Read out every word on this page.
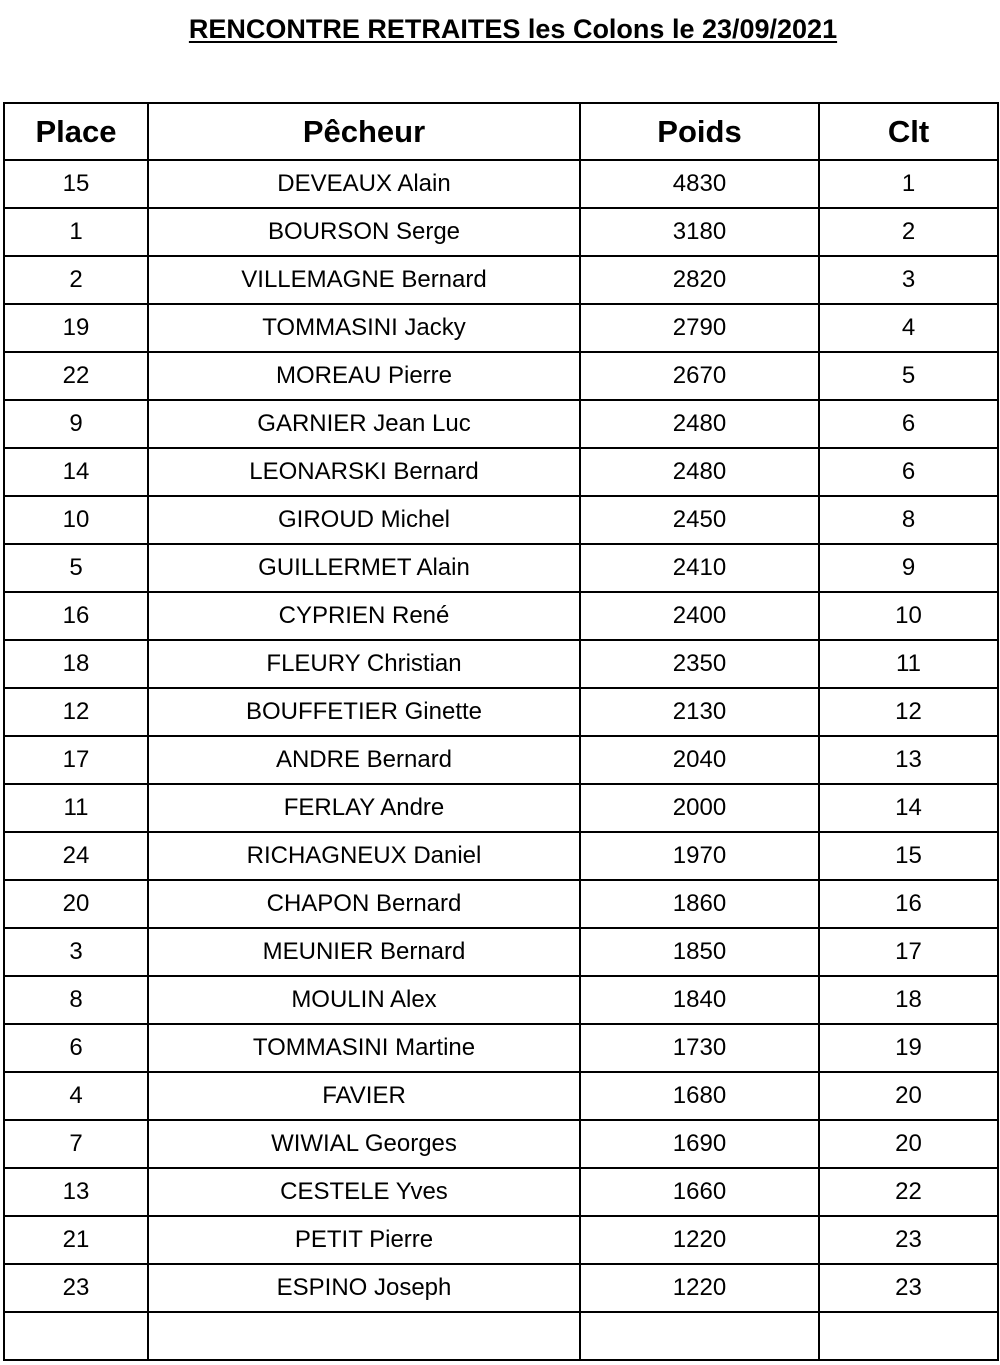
RENCONTRE RETRAITES les Colons le 23/09/2021
Place	Pêcheur	Poids	Clt
15	DEVEAUX Alain	4830	1
1	BOURSON Serge	3180	2
2	VILLEMAGNE Bernard	2820	3
19	TOMMASINI Jacky	2790	4
22	MOREAU Pierre	2670	5
9	GARNIER Jean Luc	2480	6
14	LEONARSKI Bernard	2480	6
10	GIROUD Michel	2450	8
5	GUILLERMET Alain	2410	9
16	CYPRIEN René	2400	10
18	FLEURY Christian	2350	11
12	BOUFFETIER Ginette	2130	12
17	ANDRE Bernard	2040	13
11	FERLAY Andre	2000	14
24	RICHAGNEUX Daniel	1970	15
20	CHAPON Bernard	1860	16
3	MEUNIER Bernard	1850	17
8	MOULIN Alex	1840	18
6	TOMMASINI Martine	1730	19
4	FAVIER	1680	20
7	WIWIAL Georges	1690	20
13	CESTELE Yves	1660	22
21	PETIT Pierre	1220	23
23	ESPINO Joseph	1220	23
